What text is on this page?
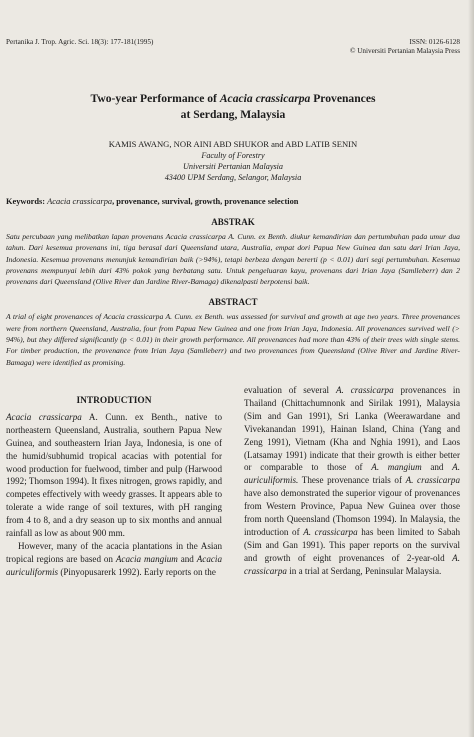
Pertanika J. Trop. Agric. Sci. 18(3): 177-181(1995)	ISSN: 0126-6128
© Universiti Pertanian Malaysia Press
Two-year Performance of Acacia crassicarpa Provenances
at Serdang, Malaysia
KAMIS AWANG, NOR AINI ABD SHUKOR and ABD LATIB SENIN
Faculty of Forestry
Universiti Pertanian Malaysia
43400 UPM Serdang, Selangor, Malaysia
Keywords: Acacia crassicarpa, provenance, survival, growth, provenance selection
ABSTRAK

Satu percubaan yang melibatkan lapan provenans Acacia crassicarpa A. Cunn. ex Benth. diukur kemandirian dan pertumbuhan pada umur dua tahun. Dari kesemua provenans ini, tiga berasal dari Queensland utara, Australia, empat dori Papua New Guinea dan satu dari Irian Jaya, Indonesia. Kesemua provenans menunjuk kemandirian baik (>94%), tetapi berbeza dengan bererti (p < 0.01) dari segi pertumbuhan. Kesemua provenans mempunyai lebih dari 43% pokok yang berbatang satu. Untuk pengeluaran kayu, provenans dari Irian Jaya (Samlleberr) dan 2 provenans dari Queensland (Olive River dan Jardine River-Bamaga) dikenalpasti berpotensi baik.

ABSTRACT

A trial of eight provenances of Acacia crassicarpa A. Cunn. ex Benth. was assessed for survival and growth at age two years. Three provenances were from northern Queensland, Australia, four from Papua New Guinea and one from Irian Jaya, Indonesia. All provenances survived well (> 94%), but they differed significantly (p < 0.01) in their growth performance. All provenances had more than 43% of their trees with single stems. For timber production, the provenance from Irian Jaya (Samlleberr) and two provenances from Queensland (Olive River and Jardine River-Bamaga) were identified as promising.

INTRODUCTION

Acacia crassicarpa A. Cunn. ex Benth., native to northeastern Queensland, Australia, southern Papua New Guinea, and southeastern Irian Jaya, Indonesia, is one of the humid/subhumid tropical acacias with potential for wood production for fuelwood, timber and pulp (Harwood 1992; Thomson 1994). It fixes nitrogen, grows rapidly, and competes effectively with weedy grasses. It appears able to tolerate a wide range of soil textures, with pH ranging from 4 to 8, and a dry season up to six months and annual rainfall as low as about 900 mm.

However, many of the acacia plantations in the Asian tropical regions are based on Acacia mangium and Acacia auriculiformis (Pinyopusarerk 1992). Early reports on the

evaluation of several A. crassicarpa provenances in Thailand (Chittachumnonk and Sirilak 1991), Malaysia (Sim and Gan 1991), Sri Lanka (Weerawardane and Vivekanandan 1991), Hainan Island, China (Yang and Zeng 1991), Vietnam (Kha and Nghia 1991), and Laos (Latsamay 1991) indicate that their growth is either better or comparable to those of A. mangium and A. auriculiformis. These provenance trials of A. crassicarpa have also demonstrated the superior vigour of provenances from Western Province, Papua New Guinea over those from north Queensland (Thomson 1994). In Malaysia, the introduction of A. crassicarpa has been limited to Sabah (Sim and Gan 1991). This paper reports on the survival and growth of eight provenances of 2-year-old A. crassicarpa in a trial at Serdang, Peninsular Malaysia.
